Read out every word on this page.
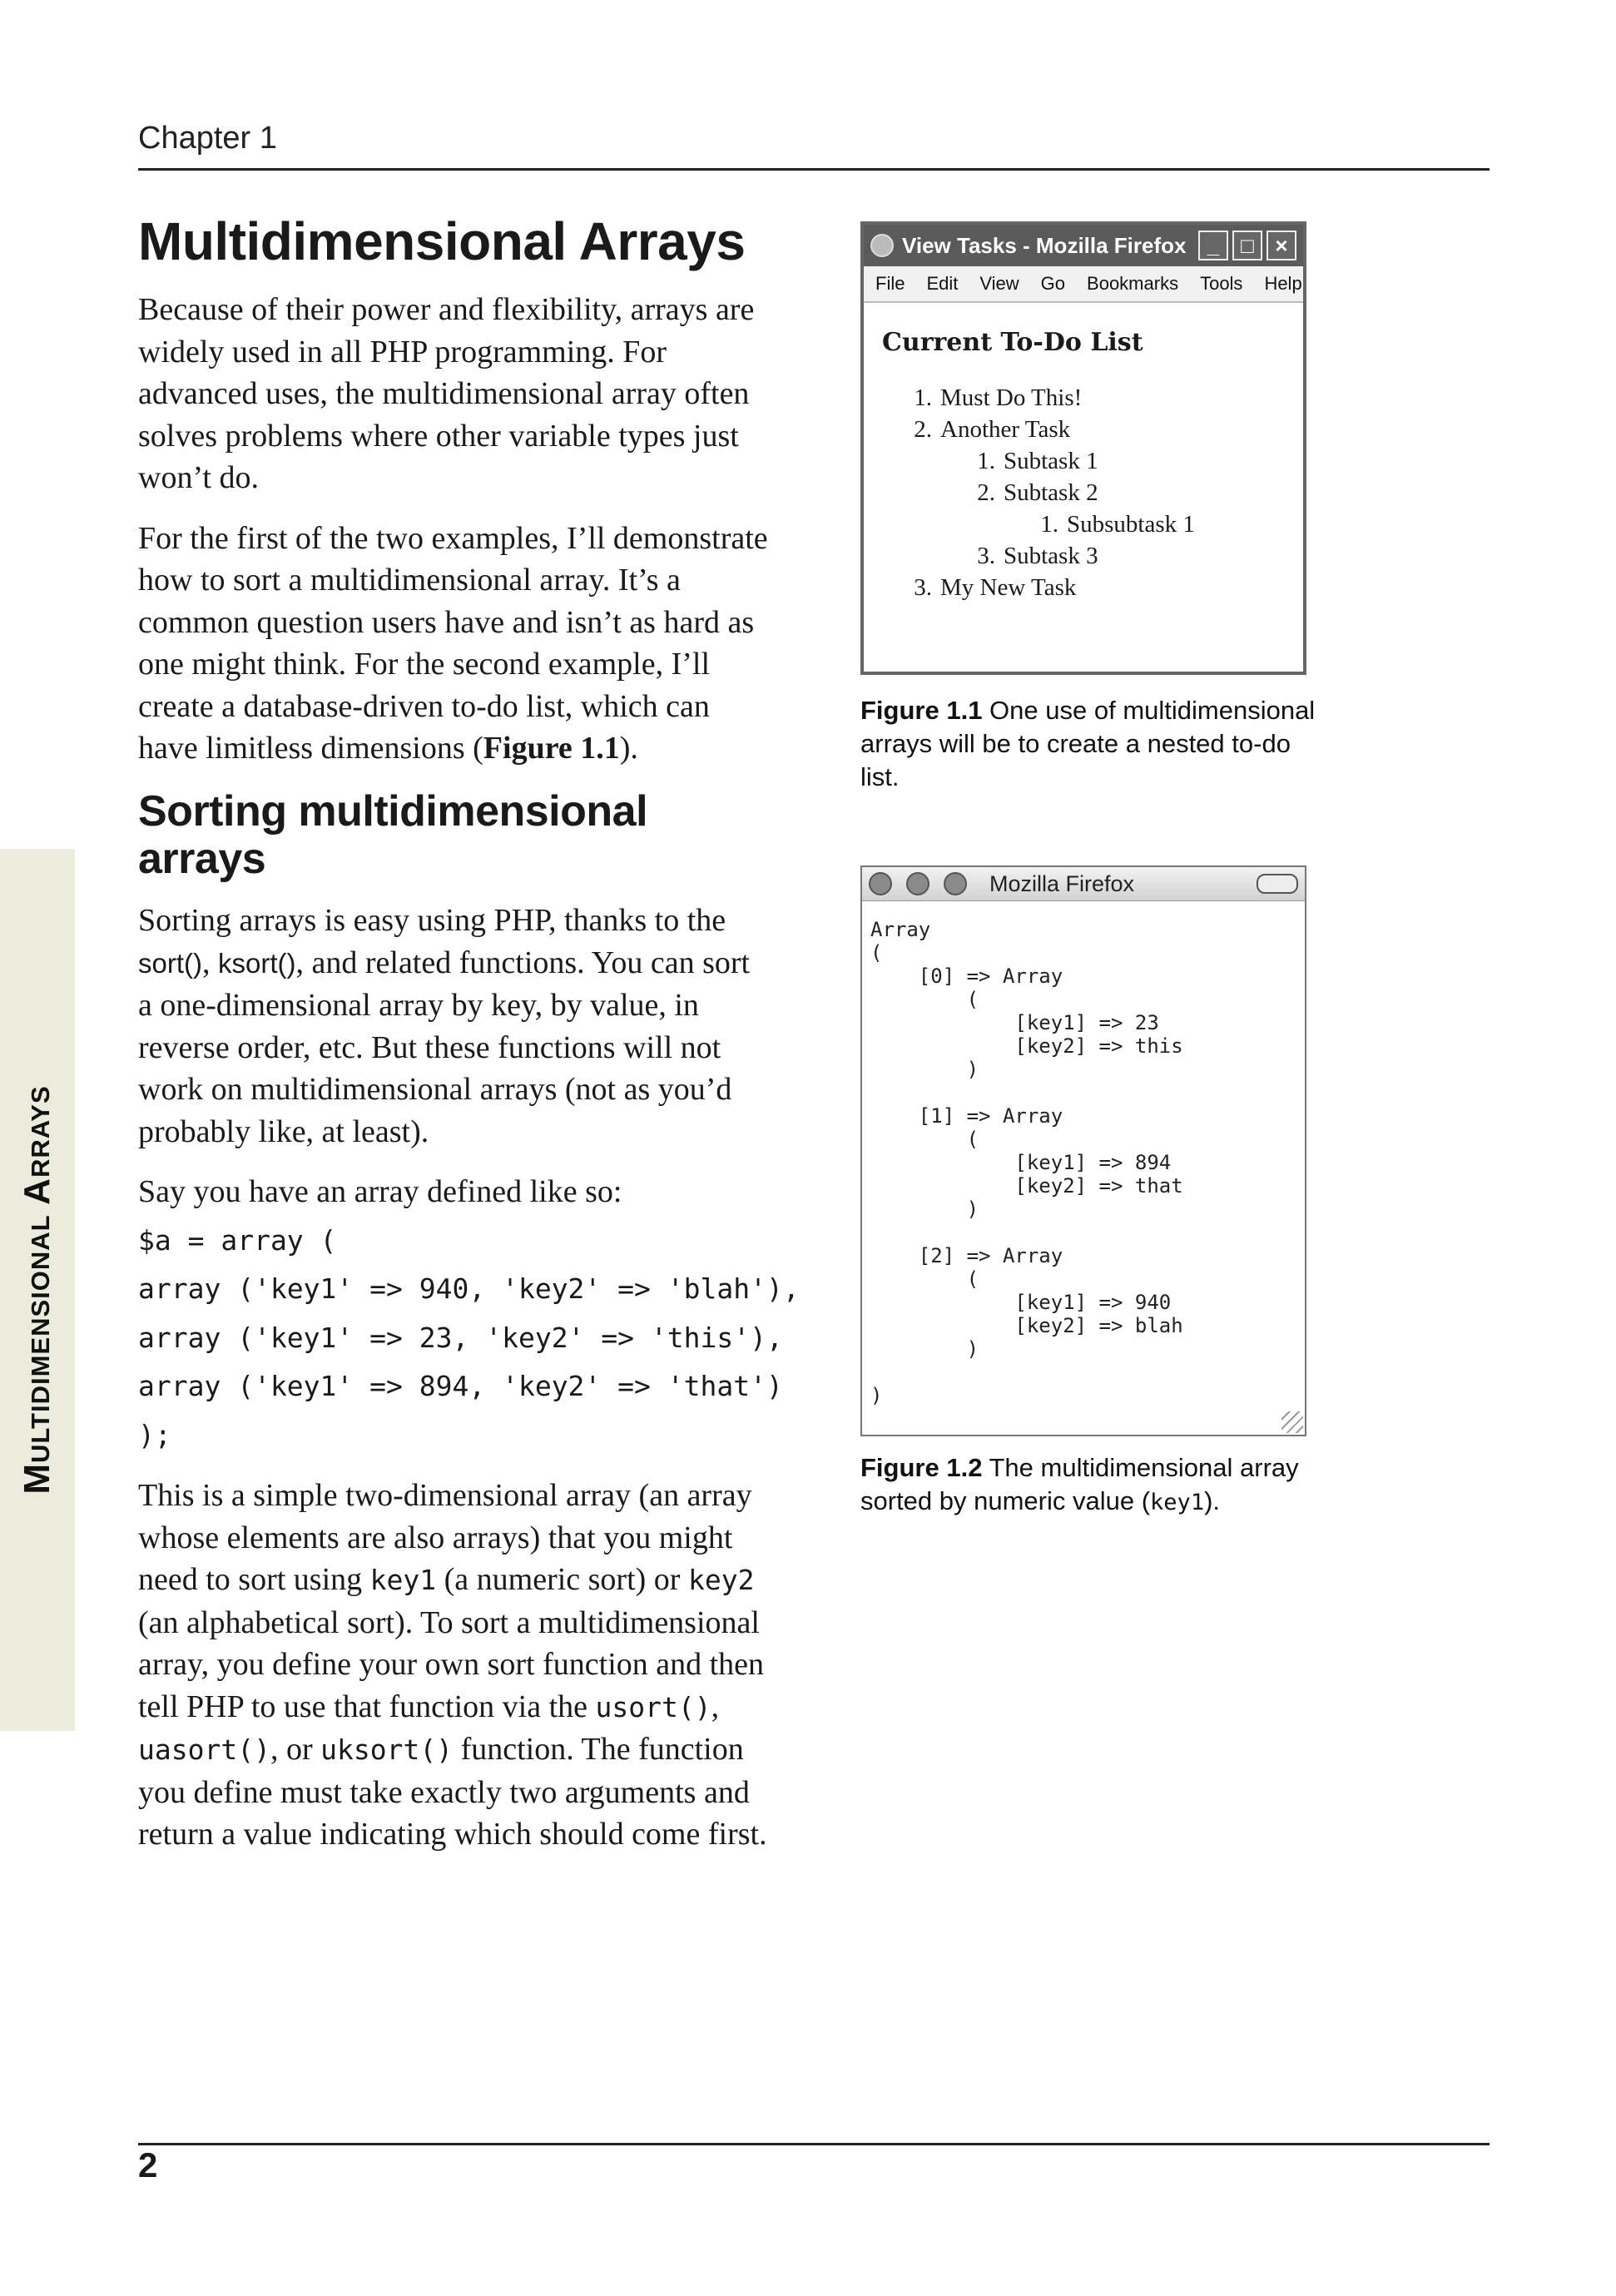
Chapter 1
Multidimensional Arrays
Multidimensional Arrays

Because of their power and flexibility, arrays are widely used in all PHP programming. For advanced uses, the multidimensional array often solves problems where other variable types just won’t do.

For the first of the two examples, I’ll demonstrate how to sort a multidimensional array. It’s a common question users have and isn’t as hard as one might think. For the second example, I’ll create a database-driven to-do list, which can have limitless dimensions (Figure 1.1).

Sorting multidimensional arrays

Sorting arrays is easy using PHP, thanks to the sort(), ksort(), and related functions. You can sort a one-dimensional array by key, by value, in reverse order, etc. But these functions will not work on multidimensional arrays (not as you’d probably like, at least).

Say you have an array defined like so:

$a = array (

array ('key1' => 940, 'key2' => 'blah'),

array ('key1' => 23, 'key2' => 'this'),

array ('key1' => 894, 'key2' => 'that')

);

This is a simple two-dimensional array (an array whose elements are also arrays) that you might need to sort using key1 (a numeric sort) or key2 (an alphabetical sort). To sort a multidimensional array, you define your own sort function and then tell PHP to use that function via the usort(), uasort(), or uksort() function. The function you define must take exactly two arguments and return a value indicating which should come first.

View Tasks - Mozilla Firefox _ □ ×
File Edit View Go Bookmarks Tools Help
Current To-Do List
1. Must Do This!
2. Another Task
1. Subtask 1
2. Subtask 2
1. Subsubtask 1
3. Subtask 3
3. My New Task
Figure 1.1 One use of multidimensional arrays will be to create a nested to-do list.
Mozilla Firefox
Array
(
[0] => Array
(
[key1] => 23
[key2] => this
)

[1] => Array
(
[key1] => 894
[key2] => that
)

[2] => Array
(
[key1] => 940
[key2] => blah
)

)
Figure 1.2 The multidimensional array sorted by numeric value (key1).
2
